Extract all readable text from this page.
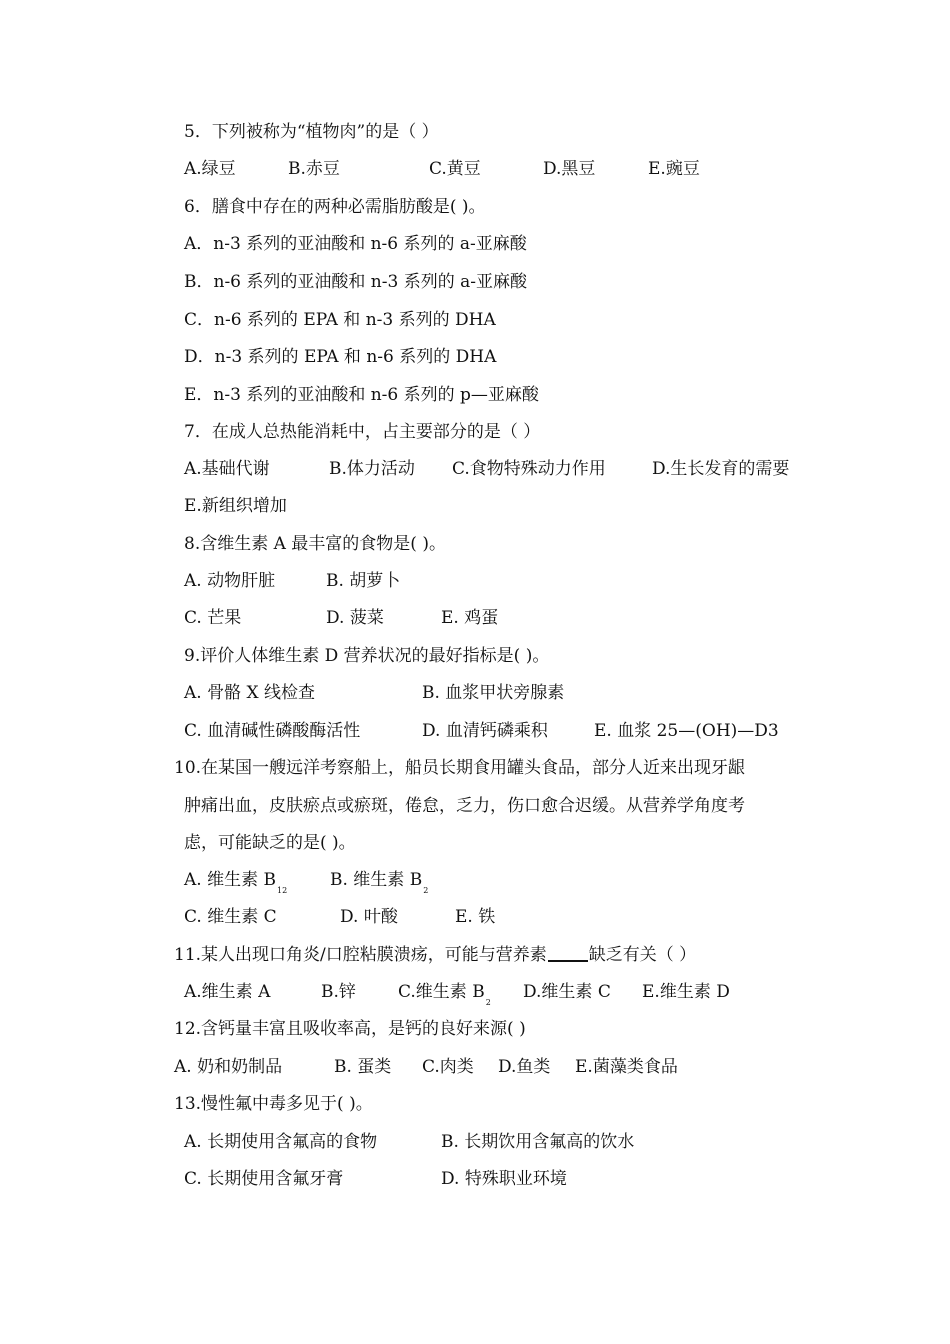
5．下列被称为“植物肉”的是（ ）
A.绿豆	B.赤豆	C.黄豆	D.黑豆	E.豌豆
6．膳食中存在的两种必需脂肪酸是( )。
A．n-3 系列的亚油酸和 n-6 系列的 a-亚麻酸
B．n-6 系列的亚油酸和 n-3 系列的 a-亚麻酸
C．n-6 系列的 EPA 和 n-3 系列的 DHA
D．n-3 系列的 EPA 和 n-6 系列的 DHA
E．n-3 系列的亚油酸和 n-6 系列的 p—亚麻酸
7．在成人总热能消耗中，占主要部分的是（ ）
A.基础代谢	B.体力活动 C.食物特殊动力作用	D.生长发育的需要
E.新组织增加
8.含维生素 A 最丰富的食物是( )。
A. 动物肝脏	B. 胡萝卜
C. 芒果	D. 菠菜	E. 鸡蛋
9.评价人体维生素 D 营养状况的最好指标是( )。
A. 骨骼 X 线检查	B. 血浆甲状旁腺素
C. 血清碱性磷酸酶活性	D. 血清钙磷乘积	E. 血浆 25—(OH)—D3
10.在某国一艘远洋考察船上，船员长期食用罐头食品，部分人近来出现牙龈
肿痛出血，皮肤瘀点或瘀斑，倦怠，乏力，伤口愈合迟缓。从营养学角度考
虑，可能缺乏的是( )。
A. 维生素 $B_{12}B$. 维生素 $B_2$
C. 维生素 C	D. 叶酸	E. 铁
11.某人出现口角炎/口腔粘膜溃疡，可能与营养素 缺乏有关（ ）
A.维生素 A	B.锌 C.维生素 $B_2D$.维生素 C E.维生素 D
12.含钙量丰富且吸收率高，是钙的良好来源( )
A. 奶和奶制品	B. 蛋类 C.肉类 D.鱼类 E.菌藻类食品
13.慢性氟中毒多见于( )。
A. 长期使用含氟高的食物	B. 长期饮用含氟高的饮水
C. 长期使用含氟牙膏	D. 特殊职业环境
